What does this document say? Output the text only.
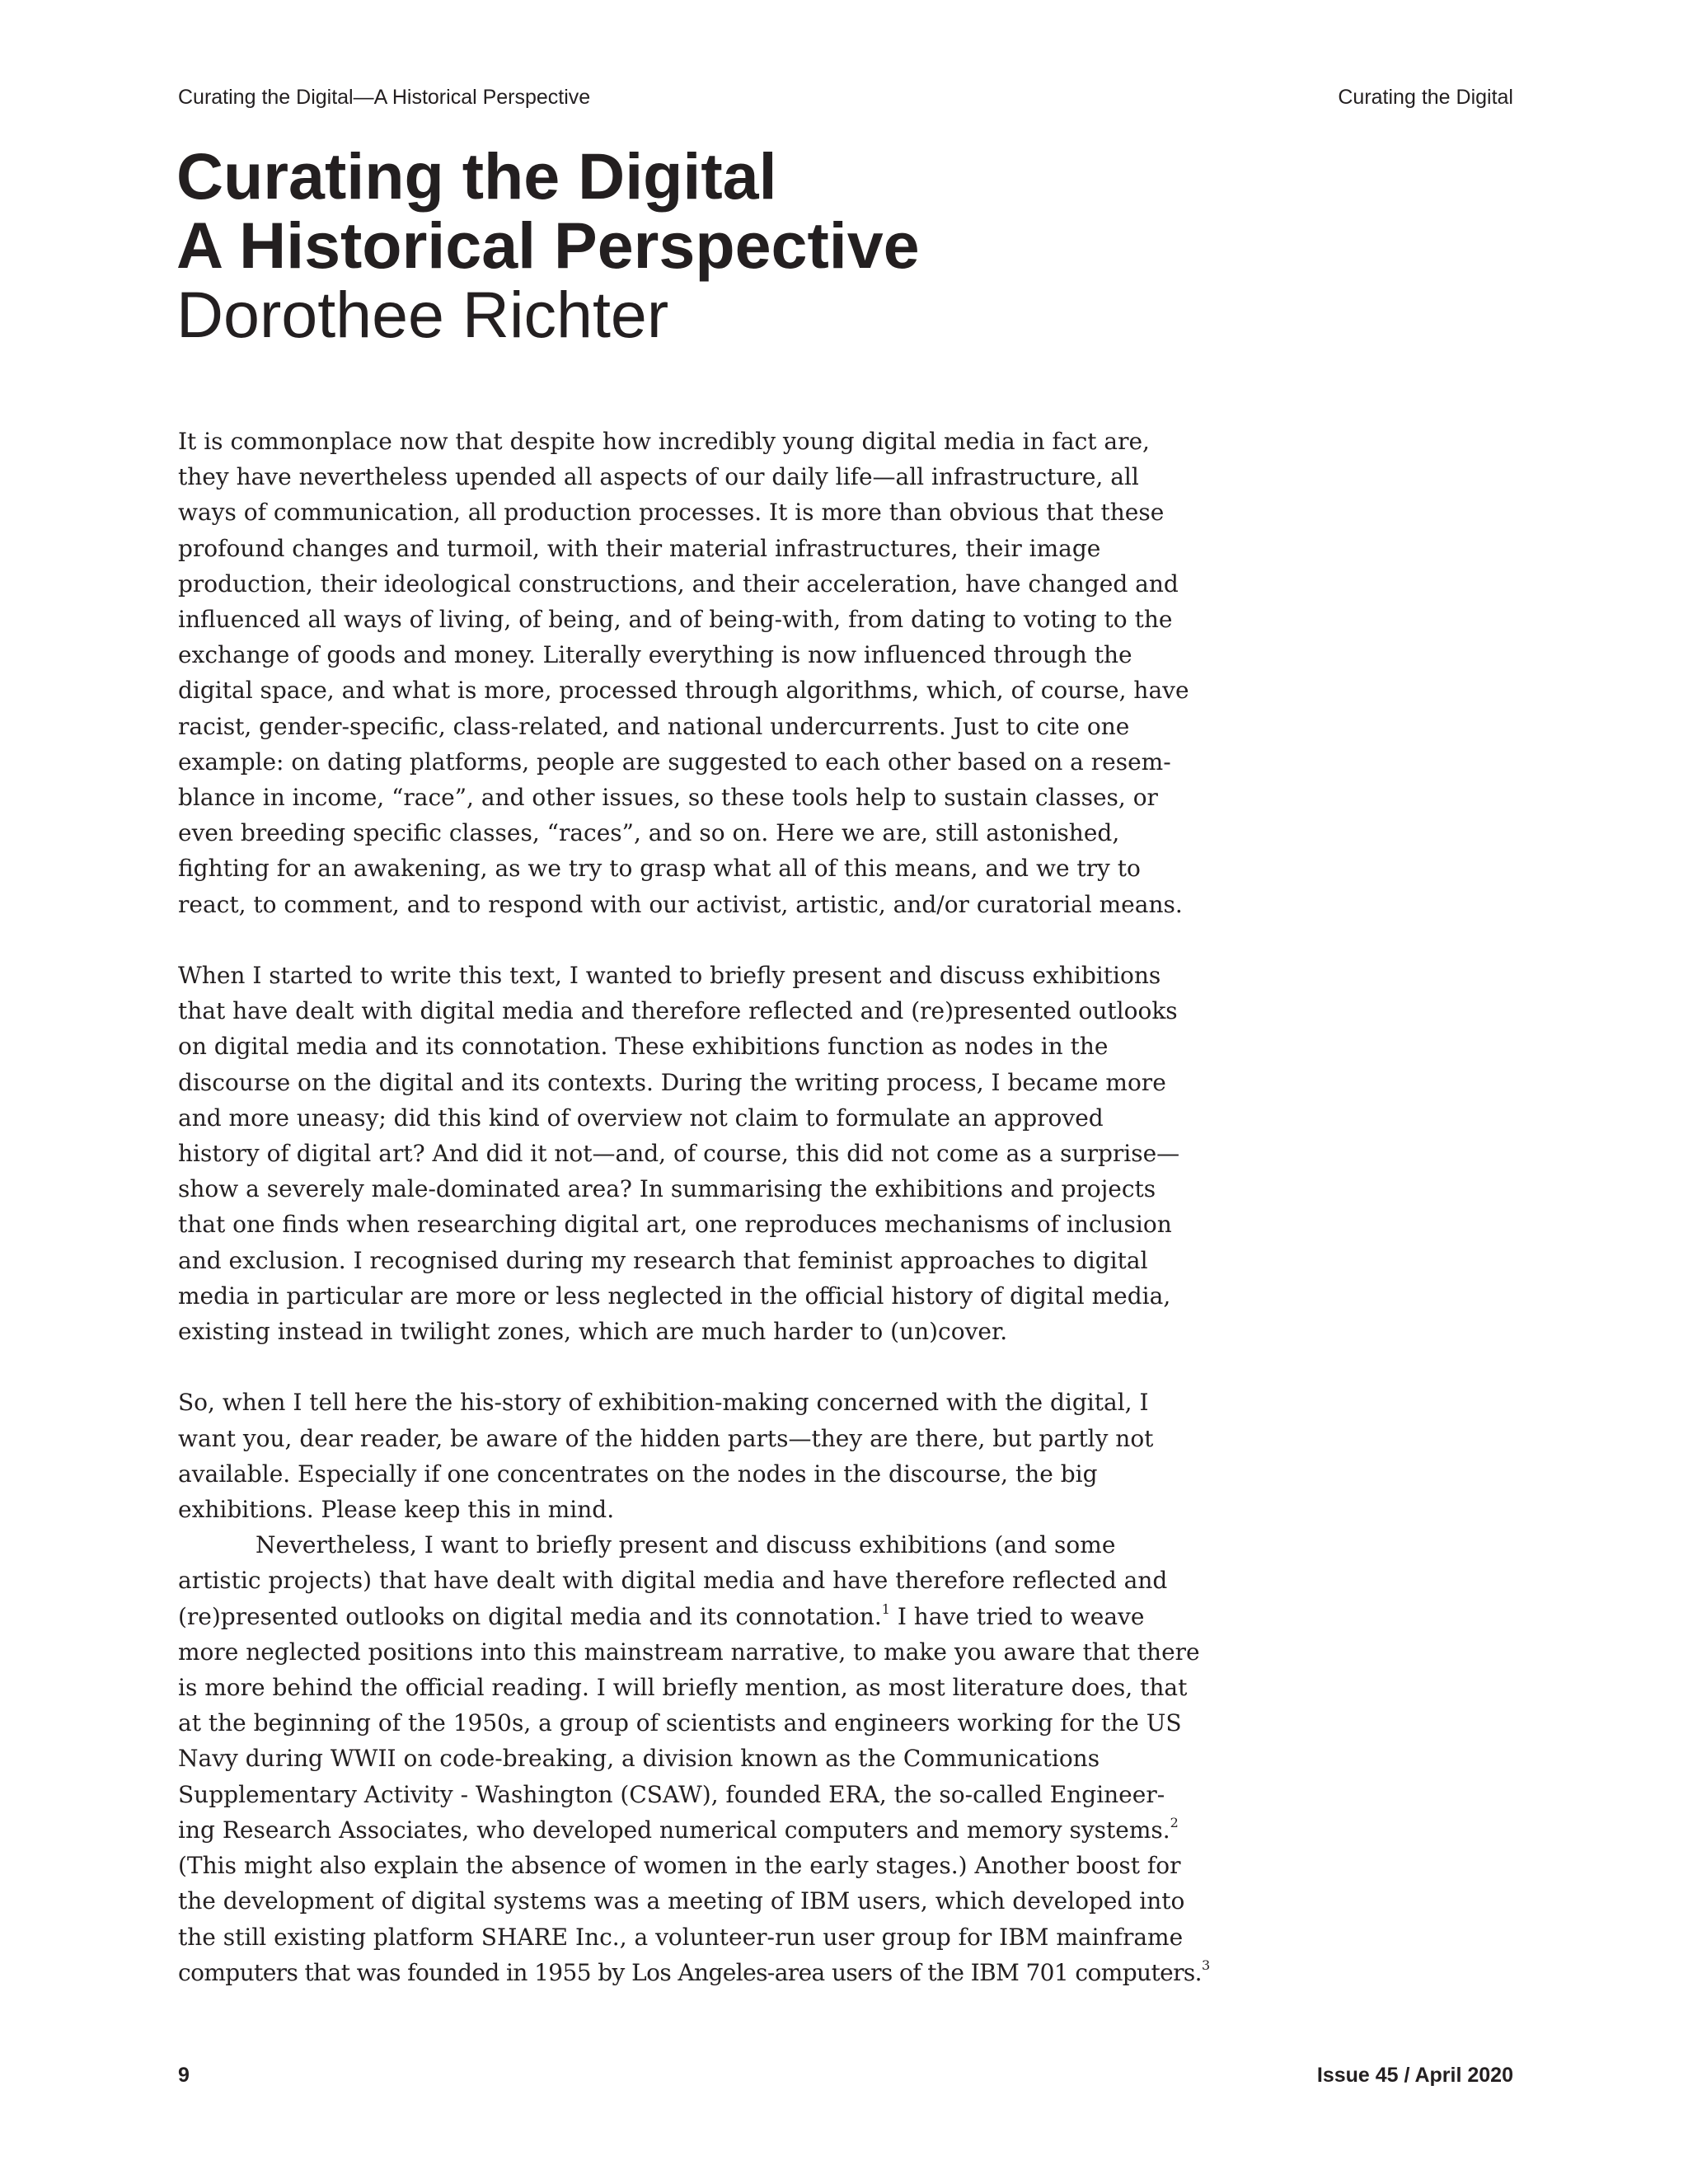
Curating the Digital—A Historical Perspective	Curating the Digital
Curating the Digital
A Historical Perspective
Dorothee Richter
It is commonplace now that despite how incredibly young digital media in fact are,
they have nevertheless upended all aspects of our daily life—all infrastructure, all
ways of communication, all production processes. It is more than obvious that these
profound changes and turmoil, with their material infrastructures, their image
production, their ideological constructions, and their acceleration, have changed and
influenced all ways of living, of being, and of being-with, from dating to voting to the
exchange of goods and money. Literally everything is now influenced through the
digital space, and what is more, processed through algorithms, which, of course, have
racist, gender-specific, class-related, and national undercurrents. Just to cite one
example: on dating platforms, people are suggested to each other based on a resem-
blance in income, “race”, and other issues, so these tools help to sustain classes, or
even breeding specific classes, “races”, and so on. Here we are, still astonished,
fighting for an awakening, as we try to grasp what all of this means, and we try to
react, to comment, and to respond with our activist, artistic, and/or curatorial means.
When I started to write this text, I wanted to briefly present and discuss exhibitions
that have dealt with digital media and therefore reflected and (re)presented outlooks
on digital media and its connotation. These exhibitions function as nodes in the
discourse on the digital and its contexts. During the writing process, I became more
and more uneasy; did this kind of overview not claim to formulate an approved
history of digital art? And did it not—and, of course, this did not come as a surprise—
show a severely male-dominated area? In summarising the exhibitions and projects
that one finds when researching digital art, one reproduces mechanisms of inclusion
and exclusion. I recognised during my research that feminist approaches to digital
media in particular are more or less neglected in the official history of digital media,
existing instead in twilight zones, which are much harder to (un)cover.
So, when I tell here the his-story of exhibition-making concerned with the digital, I
want you, dear reader, be aware of the hidden parts—they are there, but partly not
available. Especially if one concentrates on the nodes in the discourse, the big
exhibitions. Please keep this in mind.
Nevertheless, I want to briefly present and discuss exhibitions (and some
artistic projects) that have dealt with digital media and have therefore reflected and
(re)presented outlooks on digital media and its connotation.$^1$ I have tried to weave
more neglected positions into this mainstream narrative, to make you aware that there
is more behind the official reading. I will briefly mention, as most literature does, that
at the beginning of the 1950s, a group of scientists and engineers working for the US
Navy during WWII on code-breaking, a division known as the Communications
Supplementary Activity - Washington (CSAW), founded ERA, the so-called Engineer-
ing Research Associates, who developed numerical computers and memory systems.$^2$
(This might also explain the absence of women in the early stages.) Another boost for
the development of digital systems was a meeting of IBM users, which developed into
the still existing platform SHARE Inc., a volunteer-run user group for IBM mainframe
computers that was founded in 1955 by Los Angeles-area users of the IBM 701 computers.$^3$
9	Issue 45 / April 2020
